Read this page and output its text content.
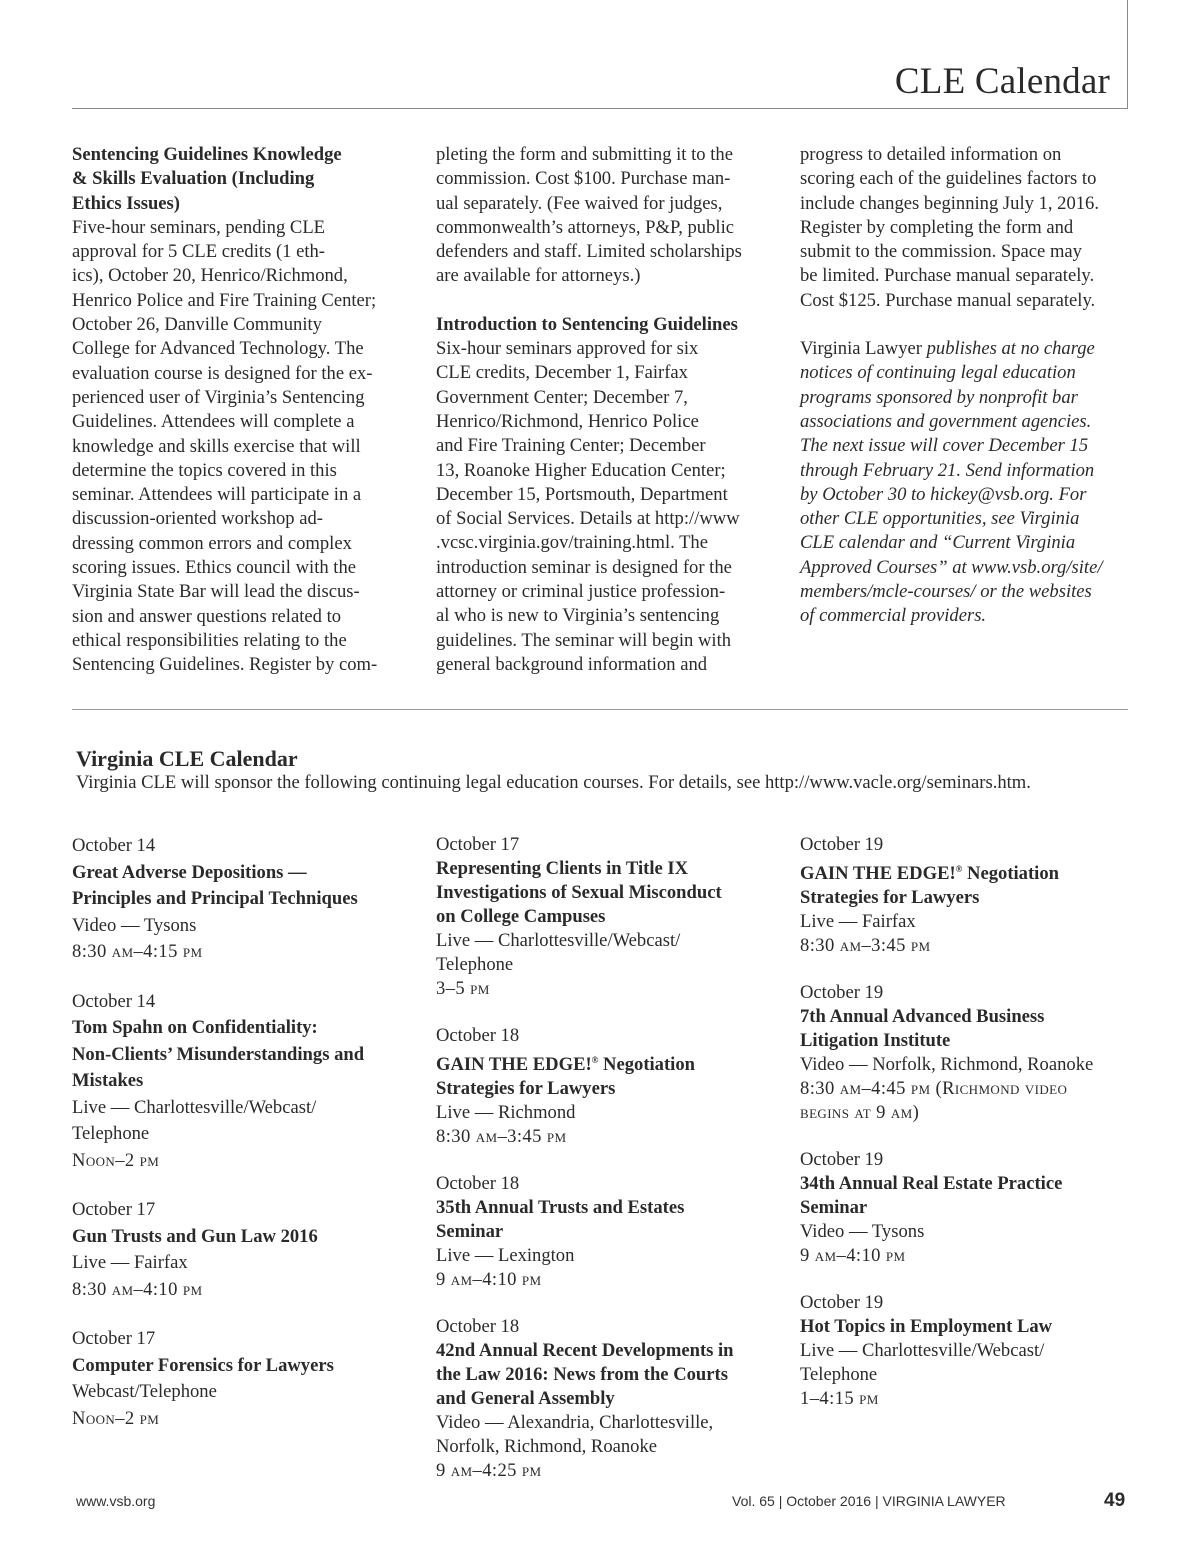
CLE Calendar

Sentencing Guidelines Knowledge

& Skills Evaluation (Including

Ethics Issues)

Five-hour seminars, pending CLE

approval for 5 CLE credits (1 eth-

ics), October 20, Henrico/Richmond,

Henrico Police and Fire Training Center;

October 26, Danville Community

College for Advanced Technology. The

evaluation course is designed for the ex-

perienced user of Virginia’s Sentencing

Guidelines. Attendees will complete a

knowledge and skills exercise that will

determine the topics covered in this

seminar. Attendees will participate in a

discussion-oriented workshop ad-

dressing common errors and complex

scoring issues. Ethics council with the

Virginia State Bar will lead the discus-

sion and answer questions related to

ethical responsibilities relating to the

Sentencing Guidelines. Register by com-

pleting the form and submitting it to the

commission. Cost $100. Purchase man-

ual separately. (Fee waived for judges,

commonwealth’s attorneys, P&P, public

defenders and staff. Limited scholarships

are available for attorneys.)

Introduction to Sentencing Guidelines

Six-hour seminars approved for six

CLE credits, December 1, Fairfax

Government Center; December 7,

Henrico/Richmond, Henrico Police

and Fire Training Center; December

13, Roanoke Higher Education Center;

December 15, Portsmouth, Department

of Social Services. Details at http://www

.vcsc.virginia.gov/training.html. The

introduction seminar is designed for the

attorney or criminal justice profession-

al who is new to Virginia’s sentencing

guidelines. The seminar will begin with

general background information and

progress to detailed information on

scoring each of the guidelines factors to

include changes beginning July 1, 2016.

Register by completing the form and

submit to the commission. Space may

be limited. Purchase manual separately.

Cost $125. Purchase manual separately.

Virginia Lawyer publishes at no charge

notices of continuing legal education

programs sponsored by nonprofit bar

associations and government agencies.

The next issue will cover December 15

through February 21. Send information

by October 30 to hickey@vsb.org. For

other CLE opportunities, see Virginia

CLE calendar and “Current Virginia

Approved Courses” at www.vsb.org/site/

members/mcle-courses/ or the websites

of commercial providers.

Virginia CLE Calendar
Virginia CLE will sponsor the following continuing legal education courses. For details, see http://www.vacle.org/seminars.htm.
October 14
Great Adverse Depositions —
Principles and Principal Techniques
Video — Tysons
8:30 am–4:15 pm
October 14
Tom Spahn on Confidentiality:
Non-Clients’ Misunderstandings and
Mistakes
Live — Charlottesville/Webcast/
Telephone
Noon–2 pm
October 17
Gun Trusts and Gun Law 2016
Live — Fairfax
8:30 am–4:10 pm
October 17
Computer Forensics for Lawyers
Webcast/Telephone
Noon–2 pm
October 17
Representing Clients in Title IX
Investigations of Sexual Misconduct
on College Campuses
Live — Charlottesville/Webcast/
Telephone
3–5 pm
October 18
GAIN THE EDGE!® Negotiation
Strategies for Lawyers
Live — Richmond
8:30 am–3:45 pm
October 18
35th Annual Trusts and Estates
Seminar
Live — Lexington
9 am–4:10 pm
October 18
42nd Annual Recent Developments in
the Law 2016: News from the Courts
and General Assembly
Video — Alexandria, Charlottesville,
Norfolk, Richmond, Roanoke
9 am–4:25 pm
October 19
GAIN THE EDGE!® Negotiation
Strategies for Lawyers
Live — Fairfax
8:30 am–3:45 pm
October 19
7th Annual Advanced Business
Litigation Institute
Video — Norfolk, Richmond, Roanoke
8:30 am–4:45 pm (Richmond video
begins at 9 am)
October 19
34th Annual Real Estate Practice
Seminar
Video — Tysons
9 am–4:10 pm
October 19
Hot Topics in Employment Law
Live — Charlottesville/Webcast/
Telephone
1–4:15 pm
www.vsb.org	Vol. 65 | October 2016 | VIRGINIA LAWYER	49
